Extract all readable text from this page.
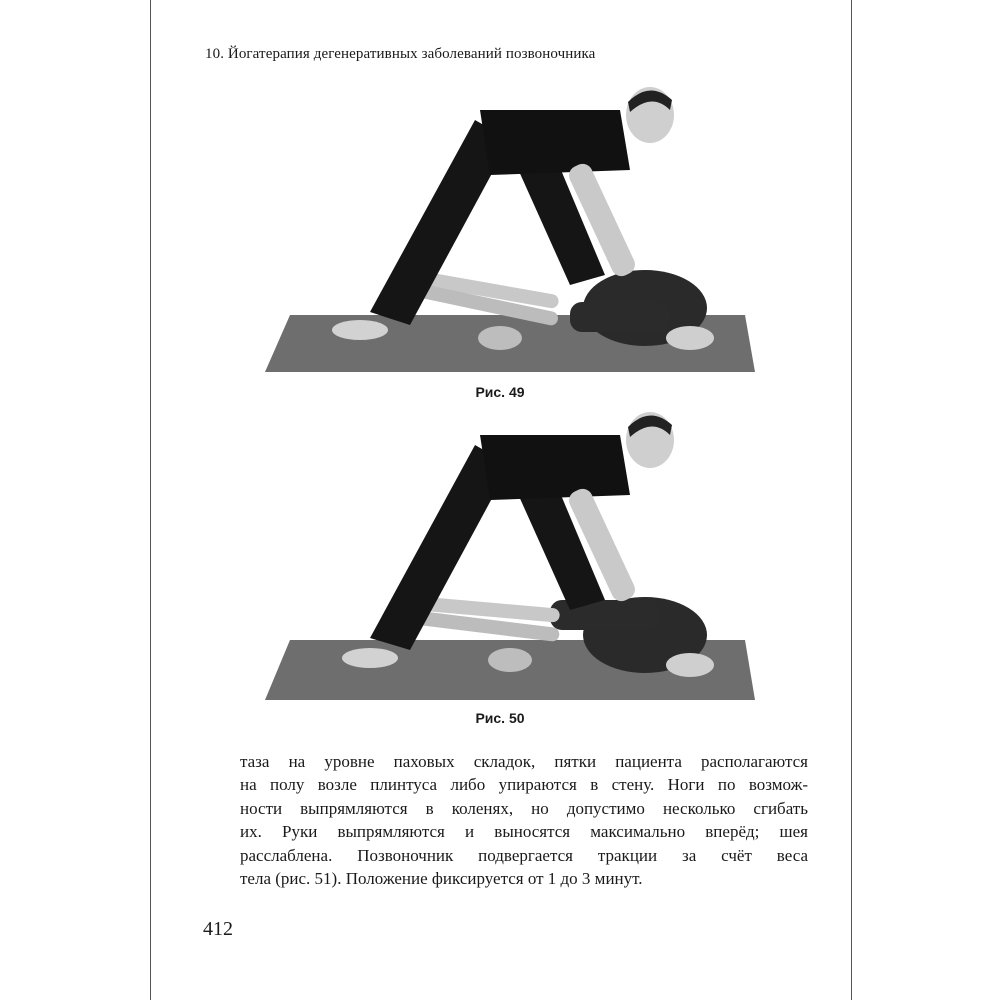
10. Йогатерапия дегенеративных заболеваний позвоночника
Рис. 49
Рис. 50
таза на уровне паховых складок, пятки пациента располагаются
на полу возле плинтуса либо упираются в стену. Ноги по возмож-
ности выпрямляются в коленях, но допустимо несколько сгибать
их. Руки выпрямляются и выносятся максимально вперёд; шея
расслаблена. Позвоночник подвергается тракции за счёт веса
тела (рис. 51). Положение фиксируется от 1 до 3 минут.
412
